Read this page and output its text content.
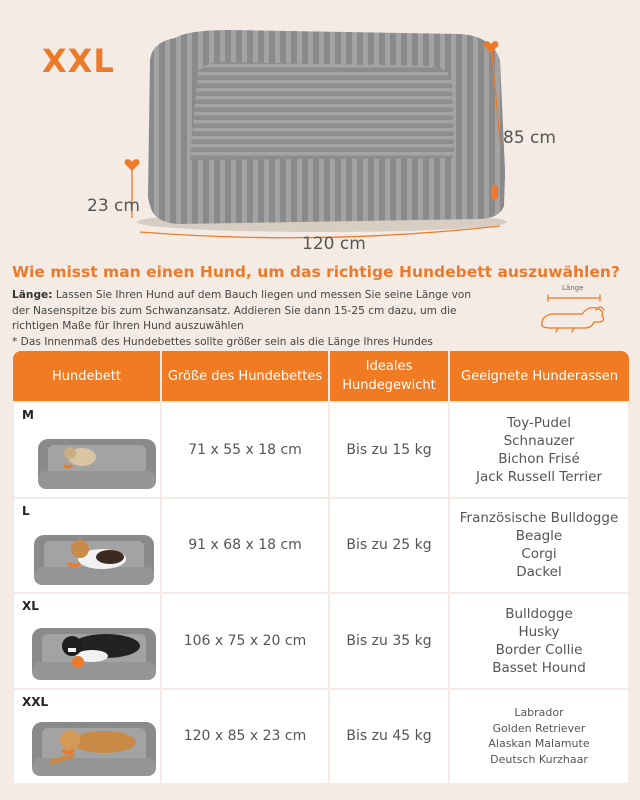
XXL
85 cm
23 cm
120 cm
Wie misst man einen Hund, um das richtige Hundebett auszuwählen?
Länge: Lassen Sie Ihren Hund auf dem Bauch liegen und messen Sie seine Länge von der Nasenspitze bis zum Schwanzansatz. Addieren Sie dann 15-25 cm dazu, um die richtigen Maße für Ihren Hund auszuwählen
* Das Innenmaß des Hundebettes sollte größer sein als die Länge Ihres Hundes
Länge
Hundebett	Größe des Hundebettes	Ideales Hundegewicht	Geeignete Hunderassen

M	71 x 55 x 18 cm	Bis zu 15 kg	Toy-Pudel
Schnauzer
Bichon Frisé
Jack Russell Terrier

L	91 x 68 x 18 cm	Bis zu 25 kg	Französische Bulldogge
Beagle
Corgi
Dackel

XL	106 x 75 x 20 cm	Bis zu 35 kg	Bulldogge
Husky
Border Collie
Basset Hound

XXL	120 x 85 x 23 cm	Bis zu 45 kg	Labrador
Golden Retriever
Alaskan Malamute
Deutsch Kurzhaar
